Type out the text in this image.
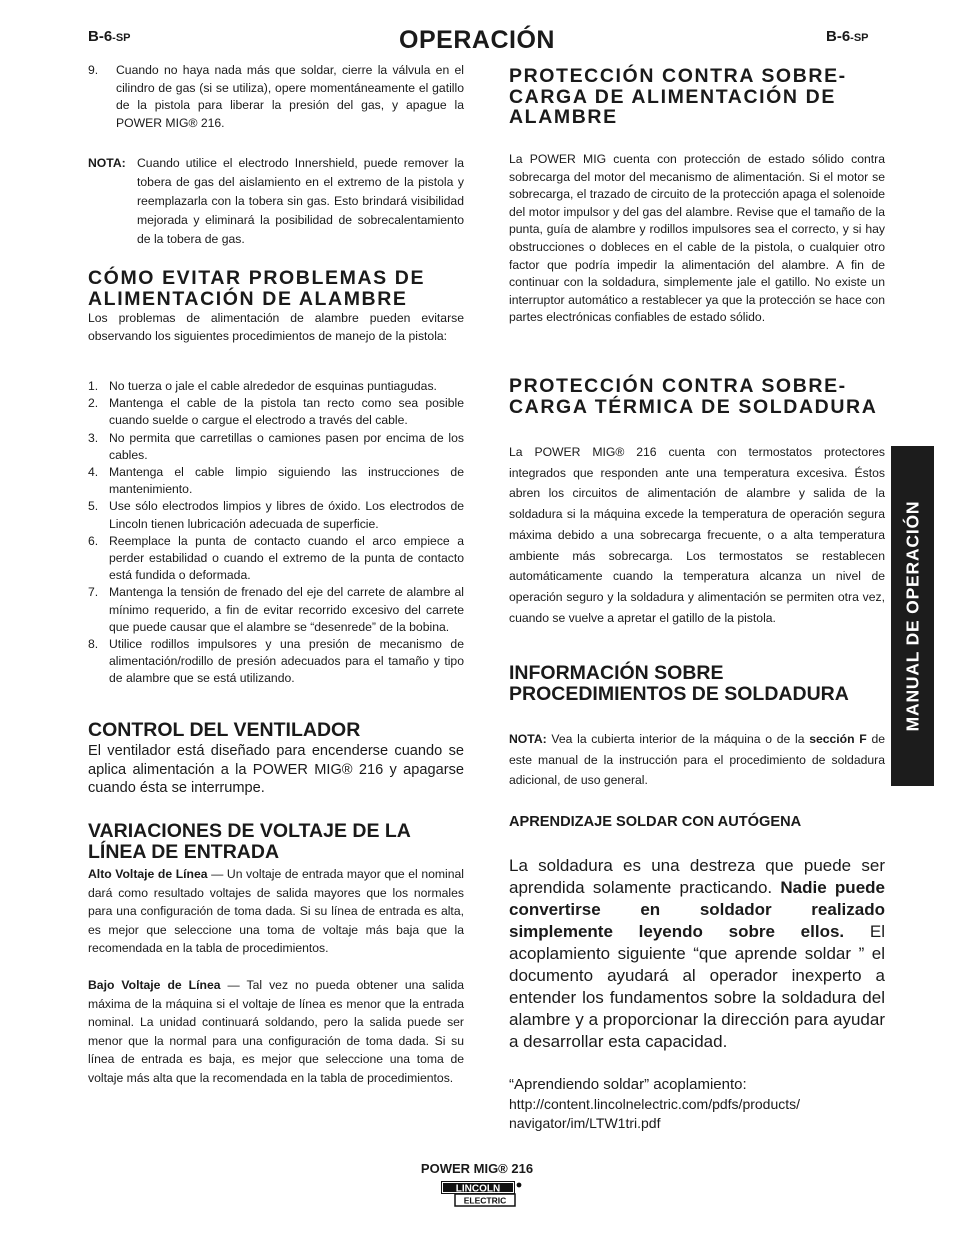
B-6-SP	B-6-SP
OPERACIÓN
9. Cuando no haya nada más que soldar, cierre la válvula en el cilindro de gas (si se utiliza), opere momentáneamente el gatillo de la pistola para liberar la presión del gas, y apague la POWER MIG® 216.
NOTA: Cuando utilice el electrodo Innershield, puede remover la tobera de gas del aislamiento en el extremo de la pistola y reemplazarla con la tobera sin gas. Esto brindará visibilidad mejorada y eliminará la posibilidad de sobrecalentamiento de la tobera de gas.
CÓMO EVITAR PROBLEMAS DE ALIMENTACIÓN DE ALAMBRE

Los problemas de alimentación de alambre pueden evitarse observando los siguientes procedimientos de manejo de la pistola:

1. No tuerza o jale el cable alrededor de esquinas puntiagudas.
2. Mantenga el cable de la pistola tan recto como sea posible cuando suelde o cargue el electrodo a través del cable.
3. No permita que carretillas o camiones pasen por encima de los cables.
4. Mantenga el cable limpio siguiendo las instrucciones de mantenimiento.
5. Use sólo electrodos limpios y libres de óxido. Los electrodos de Lincoln tienen lubricación adecuada de superficie.
6. Reemplace la punta de contacto cuando el arco empiece a perder estabilidad o cuando el extremo de la punta de contacto está fundida o deformada.
7. Mantenga la tensión de frenado del eje del carrete de alambre al mínimo requerido, a fin de evitar recorrido excesivo del carrete que puede causar que el alambre se “desenrede” de la bobina.
8. Utilice rodillos impulsores y una presión de mecanismo de alimentación/rodillo de presión adecuados para el tamaño y tipo de alambre que se está utilizando.
CONTROL DEL VENTILADOR
El ventilador está diseñado para encenderse cuando se aplica alimentación a la POWER MIG® 216 y apagarse cuando ésta se interrumpe.
VARIACIONES DE VOLTAJE DE LA LÍNEA DE ENTRADA

Alto Voltaje de Línea — Un voltaje de entrada mayor que el nominal dará como resultado voltajes de salida mayores que los normales para una configuración de toma dada. Si su línea de entrada es alta, es mejor que seleccione una toma de voltaje más baja que la recomendada en la tabla de procedimientos.

Bajo Voltaje de Línea — Tal vez no pueda obtener una salida máxima de la máquina si el voltaje de línea es menor que la entrada nominal. La unidad continuará soldando, pero la salida puede ser menor que la normal para una configuración de toma dada. Si su línea de entrada es baja, es mejor que seleccione una toma de voltaje más alta que la recomendada en la tabla de procedimientos.

PROTECCIÓN CONTRA SOBRE-CARGA DE ALIMENTACIÓN DE ALAMBRE

La POWER MIG cuenta con protección de estado sólido contra sobrecarga del motor del mecanismo de alimentación. Si el motor se sobrecarga, el trazado de circuito de la protección apaga el solenoide del motor impulsor y del gas del alambre. Revise que el tamaño de la punta, guía de alambre y rodillos impulsores sea el correcto, y si hay obstrucciones o dobleces en el cable de la pistola, o cualquier otro factor que podría impedir la alimentación del alambre. A fin de continuar con la soldadura, simplemente jale el gatillo. No existe un interruptor automático a restablecer ya que la protección se hace con partes electrónicas confiables de estado sólido.

PROTECCIÓN CONTRA SOBRE-CARGA TÉRMICA DE SOLDADURA

La POWER MIG® 216 cuenta con termostatos protectores integrados que responden ante una temperatura excesiva. Éstos abren los circuitos de alimentación de alambre y salida de la soldadura si la máquina excede la temperatura de operación segura máxima debido a una sobrecarga frecuente, o a alta temperatura ambiente más sobrecarga. Los termostatos se restablecen automáticamente cuando la temperatura alcanza un nivel de operación seguro y la soldadura y alimentación se permiten otra vez, cuando se vuelve a apretar el gatillo de la pistola.

INFORMACIÓN SOBRE PROCEDIMIENTOS DE SOLDADURA

NOTA: Vea la cubierta interior de la máquina o de la sección F de este manual de la instrucción para el procedimiento de soldadura adicional, de uso general.

APRENDIZAJE SOLDAR CON AUTÓGENA
La soldadura es una destreza que puede ser aprendida solamente practicando. Nadie puede convertirse en soldador realizado simplemente leyendo sobre ellos. El acoplamiento siguiente “que aprende soldar ” el documento ayudará al operador inexperto a entender los fundamentos sobre la soldadura del alambre y a proporcionar la dirección para ayudar a desarrollar esta capacidad.
“Aprendiendo soldar” acoplamiento:
http://content.lincolnelectric.com/pdfs/products/
navigator/im/LTW1tri.pdf
MANUAL DE OPERACIÓN
POWER MIG® 216
LINCOLN
ELECTRIC
